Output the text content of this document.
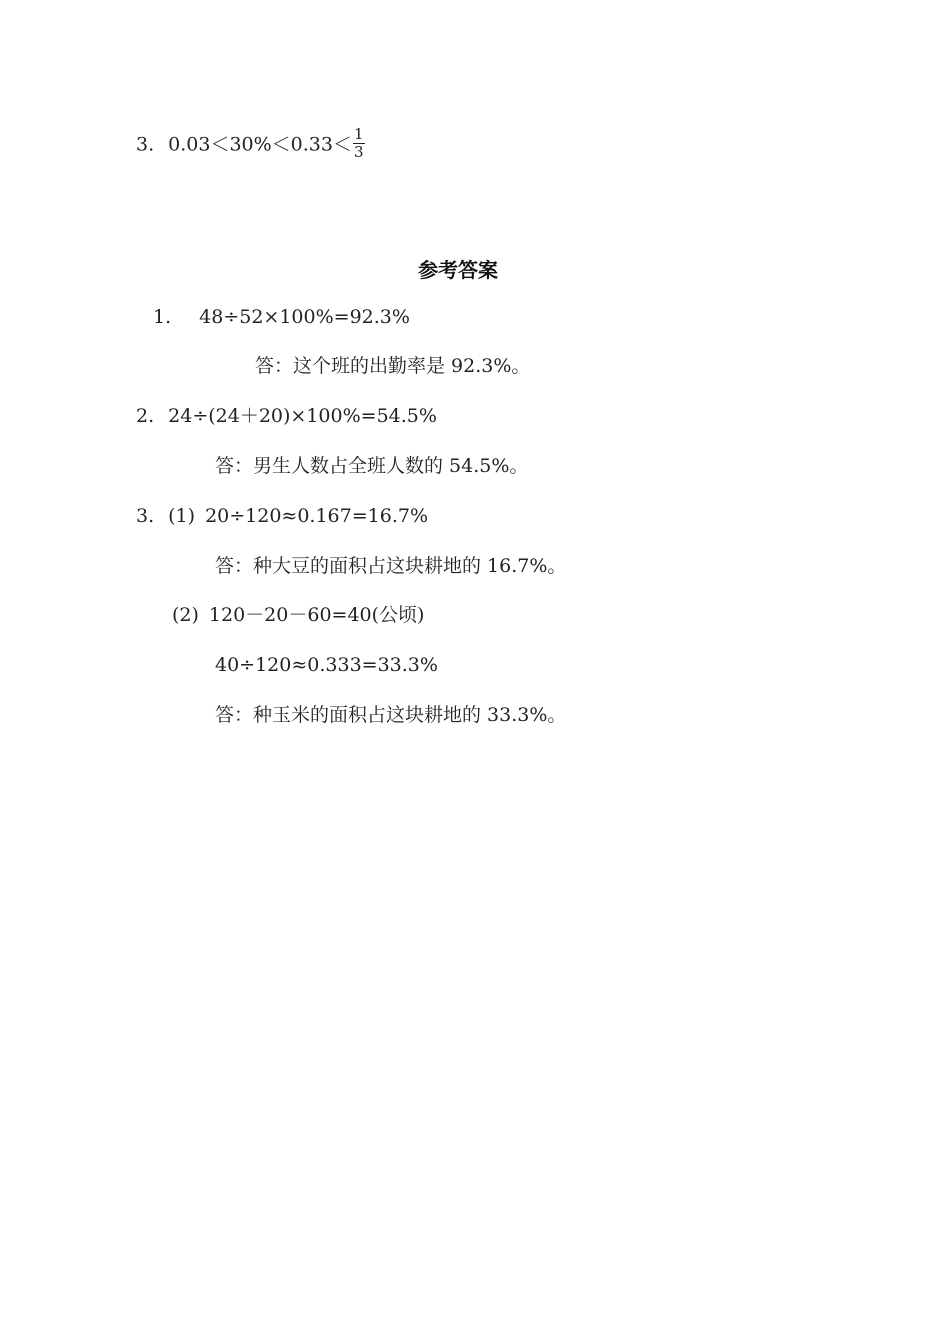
3. $0.03<30\%<0.33< \frac{1}{3}$
参考答案
1. 48÷52×100%=92.3%
答：这个班的出勤率是 92.3%。
2. 24÷(24＋20)×100%=54.5%
答：男生人数占全班人数的 54.5%。
3. (1) 20÷120≈0.167=16.7%
答：种大豆的面积占这块耕地的 16.7%。
(2) 120－20－60=40(公顷)
40÷120≈0.333=33.3%
答：种玉米的面积占这块耕地的 33.3%。
